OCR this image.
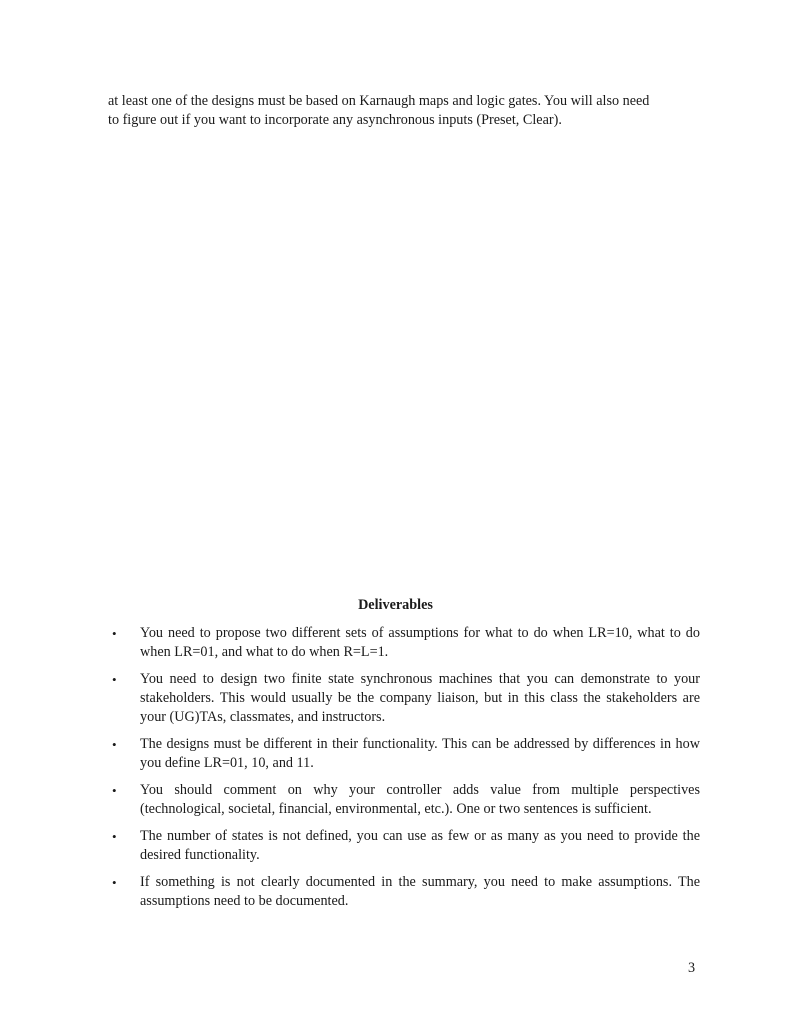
at least one of the designs must be based on Karnaugh maps and logic gates. You will also need
to figure out if you want to incorporate any asynchronous inputs (Preset, Clear).

Deliverables
•	You need to propose two different sets of assumptions for what to do when LR=10, what to do when LR=01, and what to do when R=L=1.
•	You need to design two finite state synchronous machines that you can demonstrate to your stakeholders. This would usually be the company liaison, but in this class the stakeholders are your (UG)TAs, classmates, and instructors.
•	The designs must be different in their functionality. This can be addressed by differences in how you define LR=01, 10, and 11.
•	You should comment on why your controller adds value from multiple perspectives (technological, societal, financial, environmental, etc.). One or two sentences is sufficient.
•	The number of states is not defined, you can use as few or as many as you need to provide the desired functionality.
•	If something is not clearly documented in the summary, you need to make assumptions. The assumptions need to be documented.

3
